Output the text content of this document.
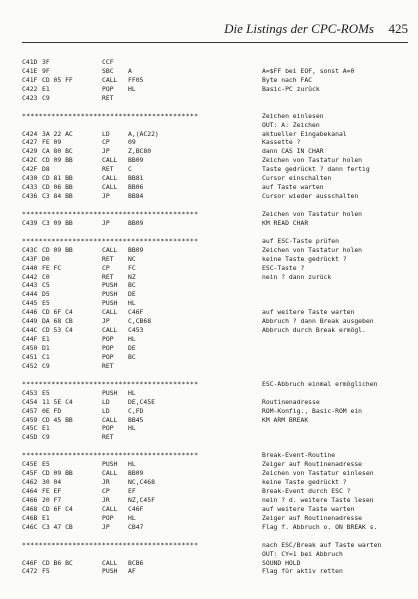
Die Listings der CPC-ROMs 425
C41D 3F	CCF
C41E 9F	SBC A	A=$FF bei EOF, sonst A=0
C41F CD 05 FF	CALL FF05	Byte nach FAC
C422 E1	POP HL	Basic-PC zurück
C423 C9	RET
******************************************	Zeichen einlesen
OUT: A: Zeichen
C424 3A 22 AC	LD	A,(AC22)	aktueller Eingabekanal
C427 FE 09	CP	09	Kassette ?
C429 CA 80 BC	JP	Z,BC80	dann CAS IN CHAR
C42C CD 09 BB	CALL BB09	Zeichen von Tastatur holen
C42F D8	RET C	Taste gedrückt ? dann fertig
C430 CD 81 BB	CALL BB81	Cursor einschalten
C433 CD 06 BB	CALL BB06	auf Taste warten
C436 C3 84 BB	JP	BB84	Cursor wieder ausschalten
******************************************	Zeichen von Tastatur holen
C439 C3 09 BB	JP	BB09	KM READ CHAR
******************************************	auf ESC-Taste prüfen
C43C CD 09 BB	CALL BB09	Zeichen von Tastatur holen
C43F D0	RET NC	keine Taste gedrückt ?
C440 FE FC	CP	FC	ESC-Taste ?
C442 C0	RET NZ	nein ? dann zurück
C443 C5	PUSH BC
C444 D5	PUSH DE
C445 E5	PUSH HL
C446 CD 6F C4	CALL C46F	auf weitere Taste warten
C449 DA 68 CB	JP	C,CB68	Abbruch ? dann Break ausgeben
C44C CD 53 C4	CALL C453	Abbruch durch Break ermögl.
C44F E1	POP HL
C450 D1	POP DE
C451 C1	POP BC
C452 C9	RET
******************************************	ESC-Abbruch einmal ermöglichen
C453 E5	PUSH HL
C454 11 5E C4	LD	DE,C45E	Routinenadresse
C457 0E FD	LD	C,FD	ROM-Konfig., Basic-ROM ein
C459 CD 45 BB	CALL BB45	KM ARM BREAK
C45C E1	POP HL
C45D C9	RET
******************************************	Break-Event-Routine
C45E E5	PUSH HL	Zeiger auf Routinenadresse
C45F CD 09 BB	CALL BB09	Zeichen von Tastatur einlesen
C462 30 04	JR	NC,C468	keine Taste gedrückt ?
C464 FE EF	CP	EF	Break-Event durch ESC ?
C466 20 F7	JR	NZ,C45F	nein ? d. weitere Taste lesen
C468 CD 6F C4	CALL C46F	auf weitere Taste warten
C46B E1	POP HL	Zeiger auf Routinenadresse
C46C C3 47 CB	JP	CB47	Flag f. Abbruch o. ON BREAK s.
******************************************	nach ESC/Break auf Taste warten
OUT: CY=1 bei Abbruch
C46F CD B6 BC	CALL BCB6	SOUND HOLD
C472 F5	PUSH AF	Flag für aktiv retten
